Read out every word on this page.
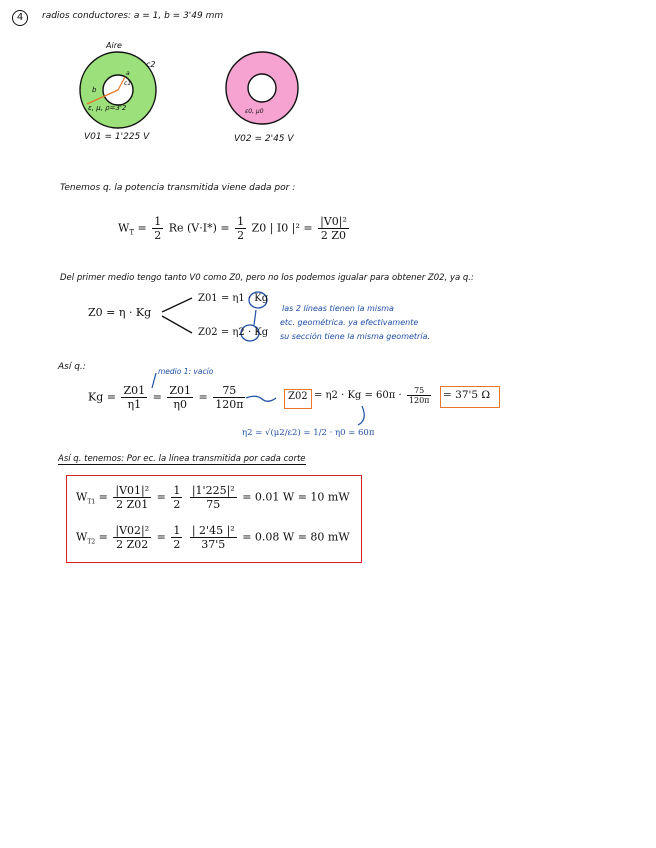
4	radios conductores: a = 1, b = 3'49 mm
Aire
c2
c1
a
b
ε, μ, ρ=3'2
V01 = 1'225 V
ε0, μ0
V02 = 2'45 V
Tenemos q. la potencia transmitida viene dada por :
$W_T = \frac{1}{2}$ Re $(V\cdot I*) = \frac{1}{2} Z0$ | I0 $|^2 = \frac{\text{|V0|²}}{2 Z0}$
Del primer medio tengo tanto V0 como Z0, pero no los podemos igualar para obtener Z02, ya q.:
Z0 = η · Kg
Z01 = η1 · Kg
Z02 = η2 · Kg
las 2 líneas tienen la misma
etc. geométrica. ya efectivamente
su sección tiene la misma geometría.
Así q.:	medio 1: vacío
$Kg = \frac{Z01}{\eta 1} = \frac{Z01}{\eta 0} = \frac{75}{120\pi}$	$Z02 = \eta 2 \cdot Kg = 60\pi \cdot \frac{75}{120\pi} = 37'5$ Ω
η2 = √(μ2/ε2) = 1/2 · η0 = 60π
Así q. tenemos: Por ec. la línea transmitida por cada corte
$W_{T1} = \frac{\text{|V01|²}}{2 Z01} = \frac{1}{2}$
$\frac{\text{|1'225|²}}{75} = 0.01$ W = 10 mW
$W_{T2} = \frac{\text{|V02|²}}{2 Z02} = \frac{1}{2}$
$\frac{\text{| 2'45 |²}}{37'5} = 0.08$ W = 80 mW
